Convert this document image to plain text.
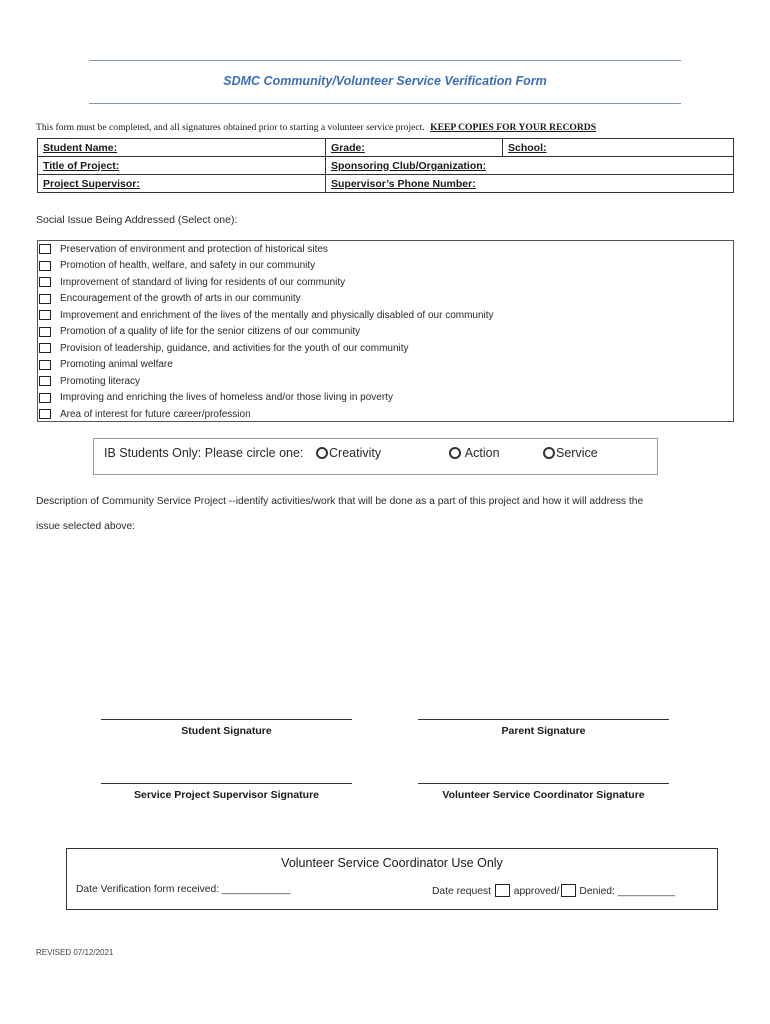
SDMC Community/Volunteer Service Verification Form
This form must be completed, and all signatures obtained prior to starting a volunteer service project. KEEP COPIES FOR YOUR RECORDS
Student Name:	Grade:	School:
Title of Project:	Sponsoring Club/Organization:	
Project Supervisor:	Supervisor’s Phone Number:	
Social Issue Being Addressed (Select one):
Preservation of environment and protection of historical sites
Promotion of health, welfare, and safety in our community
Improvement of standard of living for residents of our community
Encouragement of the growth of arts in our community
Improvement and enrichment of the lives of the mentally and physically disabled of our community
Promotion of a quality of life for the senior citizens of our community
Provision of leadership, guidance, and activities for the youth of our community
Promoting animal welfare
Promoting literacy
Improving and enriching the lives of homeless and/or those living in poverty
Area of interest for future career/profession
IB Students Only: Please circle one:	Creativity	Action	Service
Description of Community Service Project --identify activities/work that will be done as a part of this project and how it will address the
issue selected above:
Student Signature	Parent Signature
Service Project Supervisor Signature	Volunteer Service Coordinator Signature
Volunteer Service Coordinator Use Only
Date Verification form received: ____________	Date request approved/ Denied: __________
REVISED 07/12/2021
